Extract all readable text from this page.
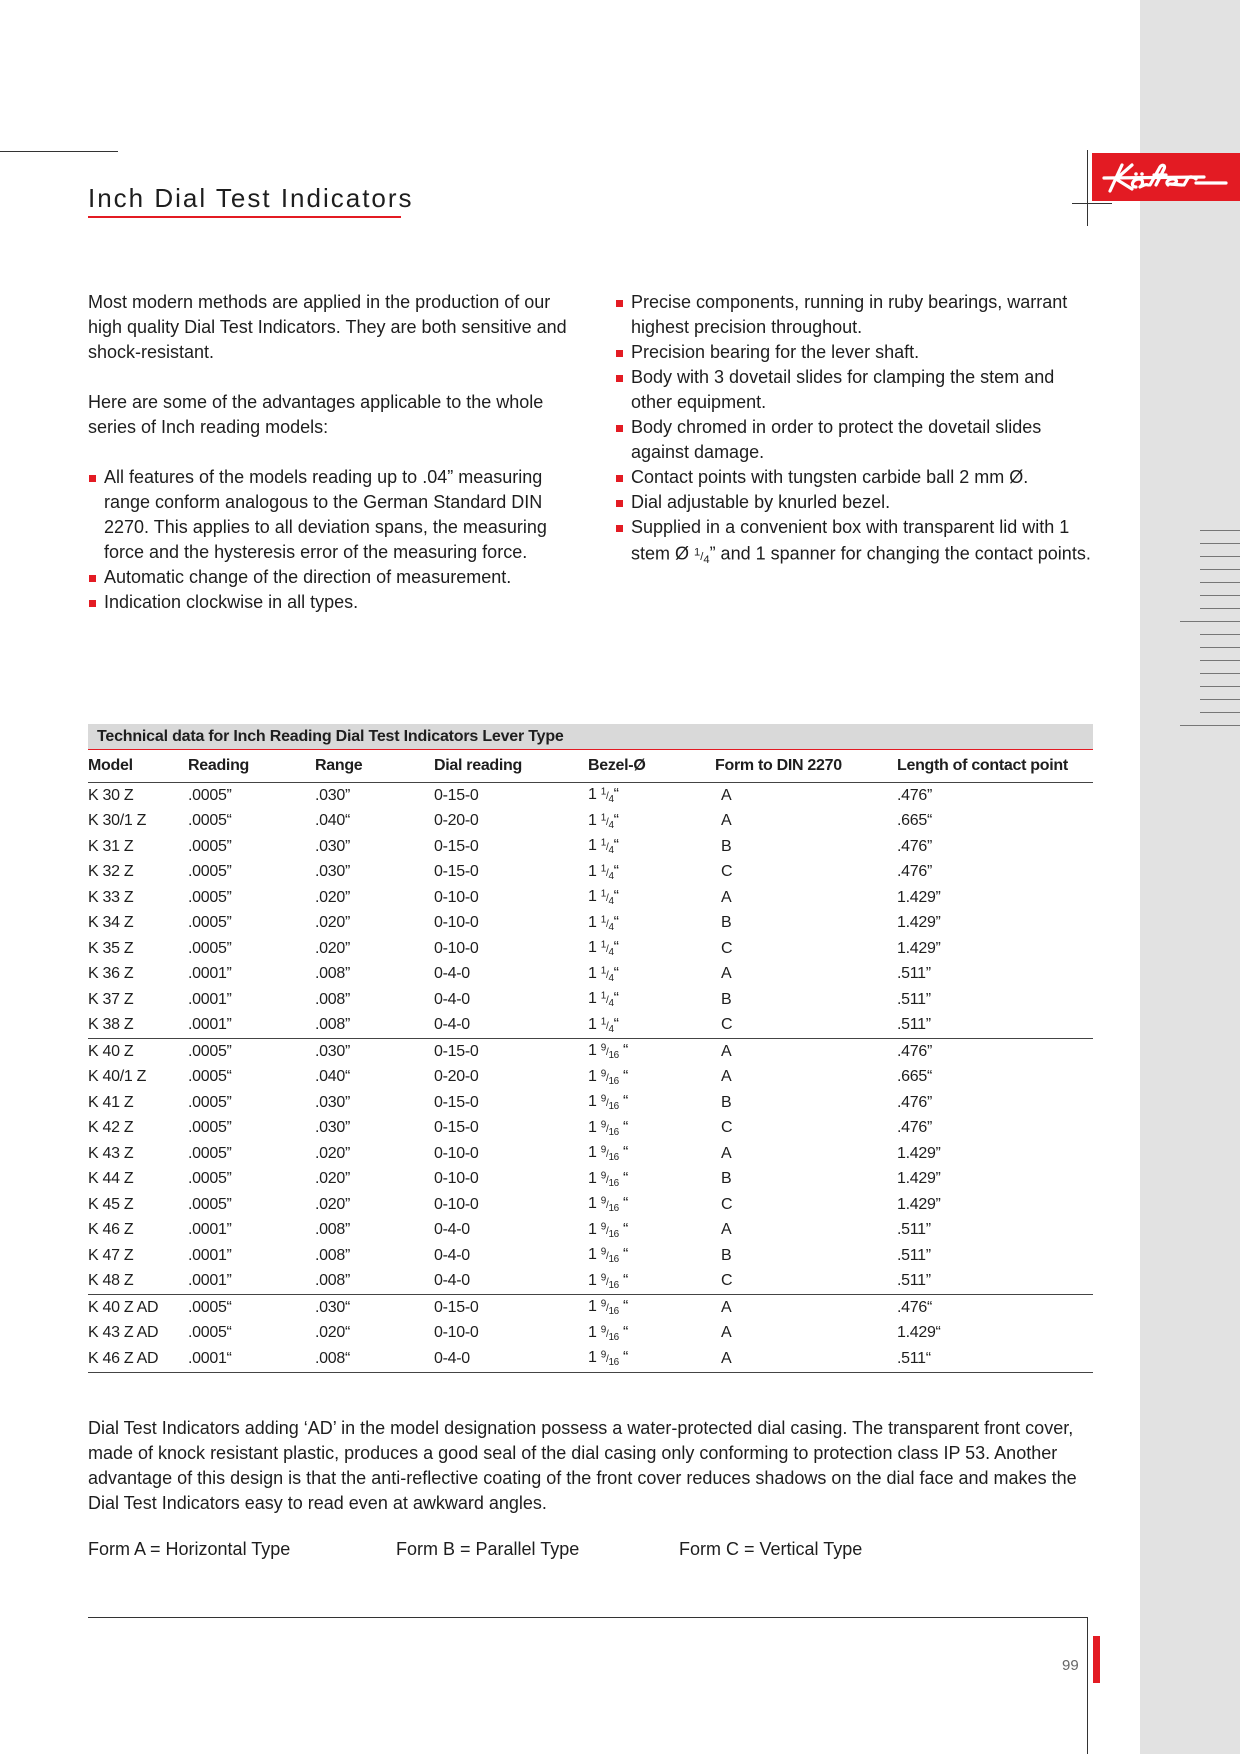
Inch Dial Test Indicators

Most modern methods are applied in the production of our high quality Dial Test Indicators. They are both sensitive and shock-resistant.

Here are some of the advantages applicable to the whole series of Inch reading models:

All features of the models reading up to .04” measuring range conform analogous to the German Standard DIN 2270. This applies to all deviation spans, the measuring force and the hysteresis error of the measuring force.
Automatic change of the direction of measurement.
Indication clockwise in all types.
Precise components, running in ruby bearings, warrant highest precision throughout.
Precision bearing for the lever shaft.
Body with 3 dovetail slides for clamping the stem and other equipment.
Body chromed in order to protect the dovetail slides against damage.
Contact points with tungsten carbide ball 2 mm Ø.
Dial adjustable by knurled bezel.
Supplied in a convenient box with transparent lid with 1 stem Ø 1/4” and 1 spanner for changing the contact points.
Technical data for Inch Reading Dial Test Indicators Lever Type
Model	Reading	Range	Dial reading	Bezel-Ø	Form to DIN 2270	Length of contact point
K 30 Z	.0005”	.030”	0-15-0	1 1/4“	A	.476”
K 30/1 Z	.0005“	.040“	0-20-0	1 1/4“	A	.665“
K 31 Z	.0005”	.030”	0-15-0	1 1/4“	B	.476”
K 32 Z	.0005”	.030”	0-15-0	1 1/4“	C	.476”
K 33 Z	.0005”	.020”	0-10-0	1 1/4“	A	1.429”
K 34 Z	.0005”	.020”	0-10-0	1 1/4“	B	1.429”
K 35 Z	.0005”	.020”	0-10-0	1 1/4“	C	1.429”
K 36 Z	.0001”	.008”	0-4-0	1 1/4“	A	.511”
K 37 Z	.0001”	.008”	0-4-0	1 1/4“	B	.511”
K 38 Z	.0001”	.008”	0-4-0	1 1/4“	C	.511”
K 40 Z	.0005”	.030”	0-15-0	1 9/16 “	A	.476”
K 40/1 Z	.0005“	.040“	0-20-0	1 9/16 “	A	.665“
K 41 Z	.0005”	.030”	0-15-0	1 9/16 “	B	.476”
K 42 Z	.0005”	.030”	0-15-0	1 9/16 “	C	.476”
K 43 Z	.0005”	.020”	0-10-0	1 9/16 “	A	1.429”
K 44 Z	.0005”	.020”	0-10-0	1 9/16 “	B	1.429”
K 45 Z	.0005”	.020”	0-10-0	1 9/16 “	C	1.429”
K 46 Z	.0001”	.008”	0-4-0	1 9/16 “	A	.511”
K 47 Z	.0001”	.008”	0-4-0	1 9/16 “	B	.511”
K 48 Z	.0001”	.008”	0-4-0	1 9/16 “	C	.511”
K 40 Z AD	.0005“	.030“	0-15-0	1 9/16 “	A	.476“
K 43 Z AD	.0005“	.020“	0-10-0	1 9/16 “	A	1.429“
K 46 Z AD	.0001“	.008“	0-4-0	1 9/16 “	A	.511“

Dial Test Indicators adding ‘AD’ in the model designation possess a water-protected dial casing. The transparent front cover, made of knock resistant plastic, produces a good seal of the dial casing only conforming to protection class IP 53. Another advantage of this design is that the anti-reflective coating of the front cover reduces shadows on the dial face and makes the Dial Test Indicators easy to read even at awkward angles.

Form A = Horizontal Type	Form B = Parallel Type	Form C = Vertical Type
99
